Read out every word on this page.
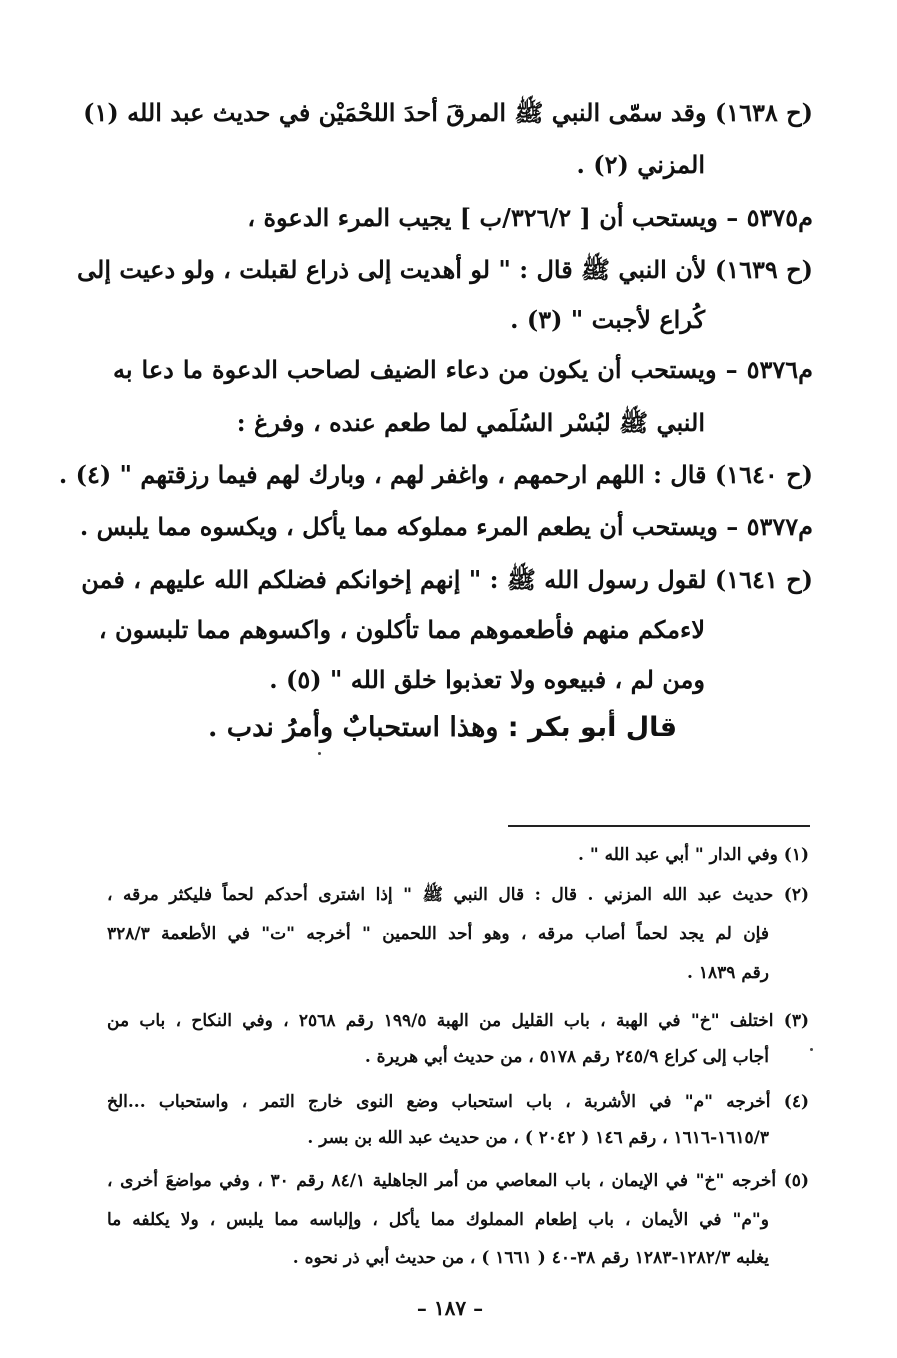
(ح ١٦٣٨) وقد سمّى النبي ﷺ المرقَ أحدَ اللحْمَيْن في حديث عبد الله (١)
المزني (٢) .
م٥٣٧٥ – ويستحب أن [ ٣٢٦/٢/ب ] يجيب المرء الدعوة ،
(ح ١٦٣٩) لأن النبي ﷺ قال : " لو أهديت إلى ذراع لقبلت ، ولو دعيت إلى
كُراع لأجبت " (٣) .
م٥٣٧٦ – ويستحب أن يكون من دعاء الضيف لصاحب الدعوة ما دعا به
النبي ﷺ لبُسْر السُلَمي لما طعم عنده ، وفرغ :
(ح ١٦٤٠) قال : اللهم ارحمهم ، واغفر لهم ، وبارك لهم فيما رزقتهم " (٤) .
م٥٣٧٧ – ويستحب أن يطعم المرء مملوكه مما يأكل ، ويكسوه مما يلبس .
(ح ١٦٤١) لقول رسول الله ﷺ : " إنهم إخوانكم فضلكم الله عليهم ، فمن
لاءمكم منهم فأطعموهم مما تأكلون ، واكسوهم مما تلبسون ،
ومن لم ، فبيعوه ولا تعذبوا خلق الله " (٥) .
قال أبو بكر : وهذا استحبابٌ وأمرُ ندب .
(١) وفي الدار " أبي عبد الله " .
(٢) حديث عبد الله المزني . قال : قال النبي ﷺ " إذا اشترى أحدكم لحماً فليكثر مرقه ،
فإن لم يجد لحماً أصاب مرقه ، وهو أحد اللحمين " أخرجه "ت" في الأطعمة ٣٢٨/٣
رقم ١٨٣٩ .
(٣) اختلف "خ" في الهبة ، باب القليل من الهبة ١٩٩/٥ رقم ٢٥٦٨ ، وفي النكاح ، باب من
أجاب إلى كراع ٢٤٥/٩ رقم ٥١٧٨ ، من حديث أبي هريرة .
(٤) أخرجه "م" في الأشربة ، باب استحباب وضع النوى خارج التمر ، واستحباب ...الخ
١٦١٥/٣-١٦١٦ ، رقم ١٤٦ ( ٢٠٤٢ ) ، من حديث عبد الله بن بسر .
(٥) أخرجه "خ" في الإيمان ، باب المعاصي من أمر الجاهلية ٨٤/١ رقم ٣٠ ، وفي مواضعَ أخرى ،
و"م" في الأيمان ، باب إطعام المملوك مما يأكل ، وإلباسه مما يلبس ، ولا يكلفه ما
يغلبه ١٢٨٢/٣-١٢٨٣ رقم ٣٨-٤٠ ( ١٦٦١ ) ، من حديث أبي ذر نحوه .
– ١٨٧ –
